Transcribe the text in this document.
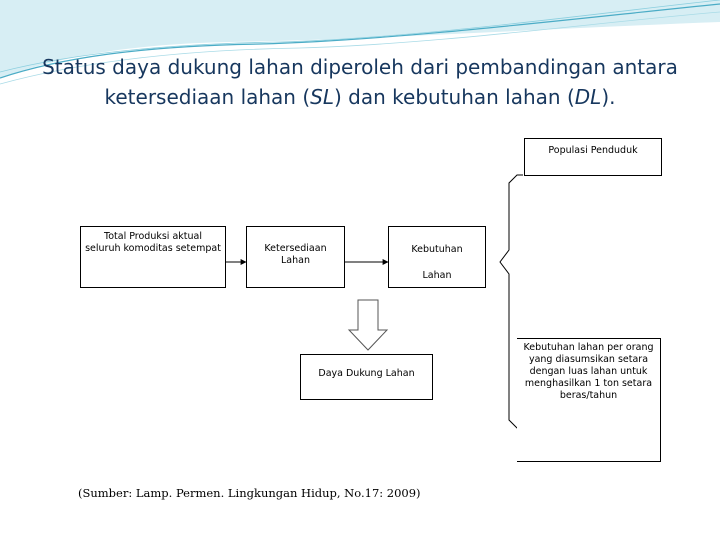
Status daya dukung lahan diperoleh dari pembandingan antara
ketersediaan lahan (SL) dan kebutuhan lahan (DL).
Populasi Penduduk
Total Produksi aktual
seluruh komoditas setempat	Ketersediaan
Lahan
Kebutuhan
Lahan
Daya Dukung Lahan
Kebutuhan lahan per orang
yang diasumsikan setara
dengan luas lahan untuk
menghasilkan 1 ton setara
beras/tahun
(Sumber: Lamp. Permen. Lingkungan Hidup, No.17: 2009)
